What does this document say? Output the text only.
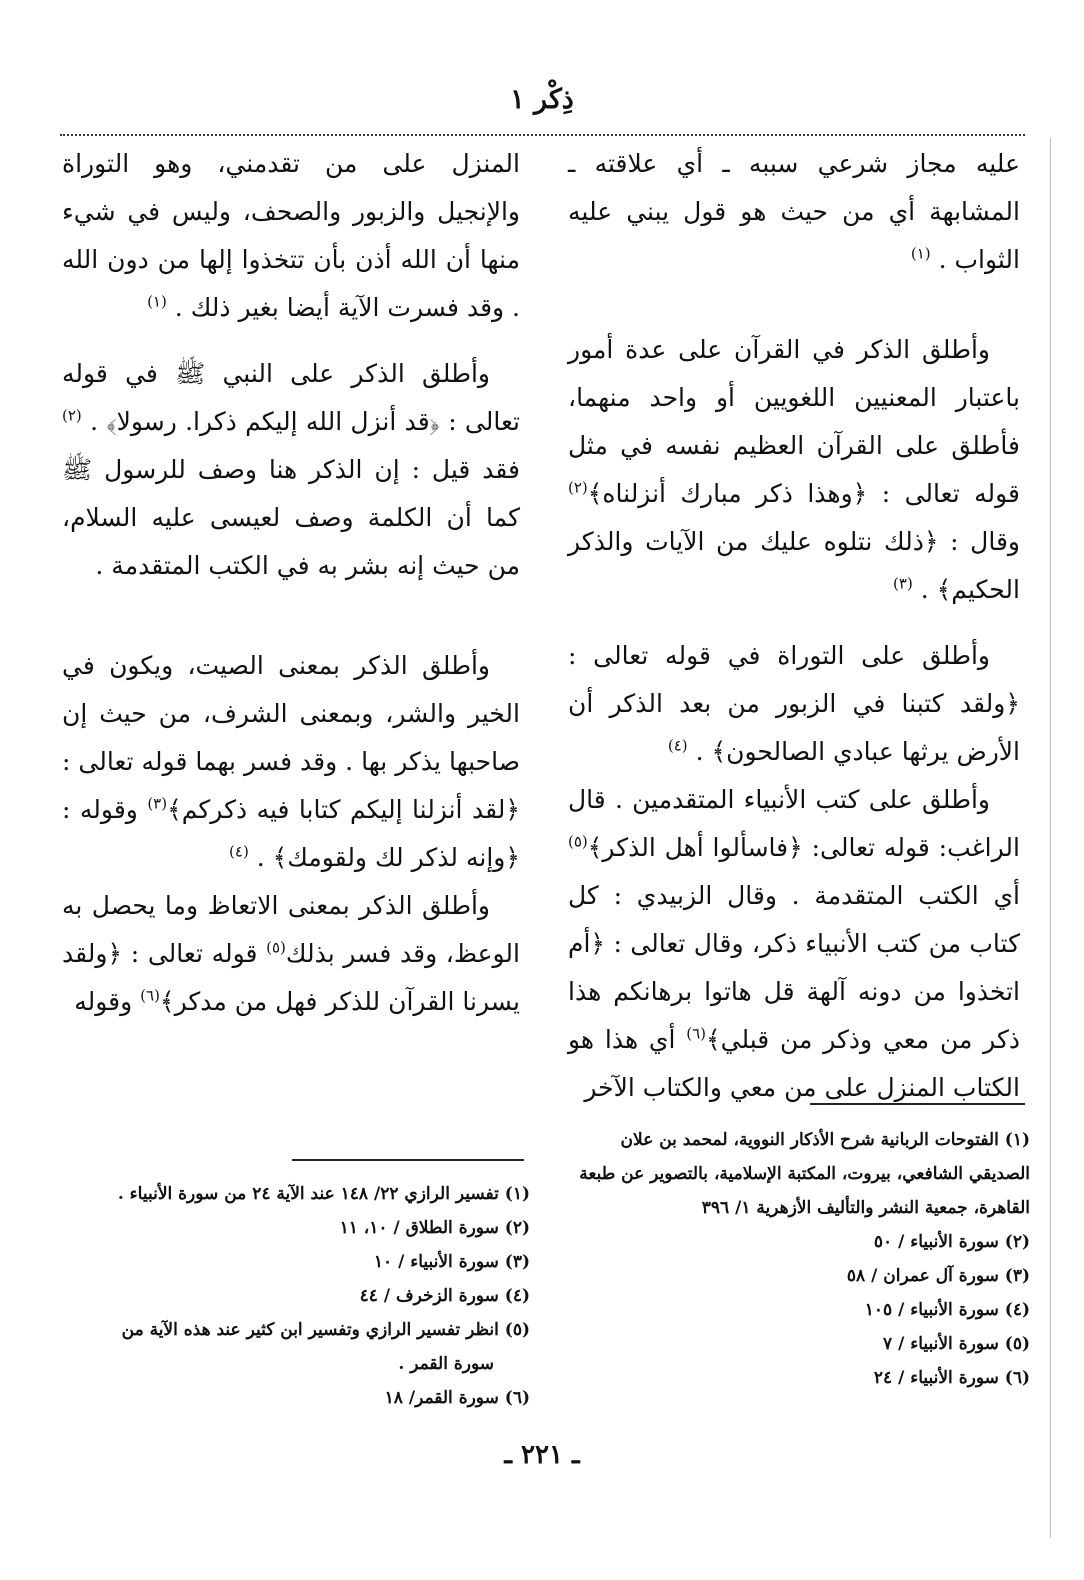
ذِكْر ١

عليه مجاز شرعي سببه ـ أي علاقته ـ المشابهة أي من حيث هو قول يبني عليه الثواب . $^{(١)}$

وأطلق الذكر في القرآن على عدة أمور باعتبار المعنيين اللغويين أو واحد منهما، فأطلق على القرآن العظيم نفسه في مثل قوله تعالى : ﴿وهذا ذكر مبارك أنزلناه﴾$^{(٢)}$ وقال : ﴿ذلك نتلوه عليك من الآيات والذكر الحكيم﴾ . $^{(٣)}$

وأطلق على التوراة في قوله تعالى : ﴿ولقد كتبنا في الزبور من بعد الذكر أن الأرض يرثها عبادي الصالحون﴾ . $^{(٤)}$

وأطلق على كتب الأنبياء المتقدمين . قال الراغب: قوله تعالى: ﴿فاسألوا أهل الذكر﴾$^{(٥)}$ أي الكتب المتقدمة . وقال الزبيدي : كل كتاب من كتب الأنبياء ذكر، وقال تعالى : ﴿أم اتخذوا من دونه آلهة قل هاتوا برهانكم هذا ذكر من معي وذكر من قبلي﴾$^{(٦)}$ أي هذا هو الكتاب المنزل على من معي والكتاب الآخر

المنزل على من تقدمني، وهو التوراة والإنجيل والزبور والصحف، وليس في شيء منها أن الله أذن بأن تتخذوا إلها من دون الله . وقد فسرت الآية أيضا بغير ذلك . $^{(١)}$

وأطلق الذكر على النبي ﷺ في قوله تعالى : ﴿قد أنزل الله إليكم ذكرا. رسولا﴾ . $^{(٢)}$ فقد قيل : إن الذكر هنا وصف للرسول ﷺ كما أن الكلمة وصف لعيسى عليه السلام، من حيث إنه بشر به في الكتب المتقدمة .

وأطلق الذكر بمعنى الصيت، ويكون في الخير والشر، وبمعنى الشرف، من حيث إن صاحبها يذكر بها . وقد فسر بهما قوله تعالى : ﴿لقد أنزلنا إليكم كتابا فيه ذكركم﴾$^{(٣)}$ وقوله : ﴿وإنه لذكر لك ولقومك﴾ . $^{(٤)}$

وأطلق الذكر بمعنى الاتعاظ وما يحصل به الوعظ، وقد فسر بذلك$^{(٥)}$ قوله تعالى : ﴿ولقد يسرنا القرآن للذكر فهل من مدكر﴾$^{(٦)}$ وقوله

(١) الفتوحات الربانية شرح الأذكار النووية، لمحمد بن علان الصديقي الشافعي، بيروت، المكتبة الإسلامية، بالتصوير عن طبعة القاهرة، جمعية النشر والتأليف الأزهرية ١/ ٣٩٦
(٢) سورة الأنبياء / ٥٠
(٣) سورة آل عمران / ٥٨
(٤) سورة الأنبياء / ١٠٥
(٥) سورة الأنبياء / ٧
(٦) سورة الأنبياء / ٢٤
(١) تفسير الرازي ٢٢/ ١٤٨ عند الآية ٢٤ من سورة الأنبياء .
(٢) سورة الطلاق / ١٠، ١١
(٣) سورة الأنبياء / ١٠
(٤) سورة الزخرف / ٤٤
(٥) انظر تفسير الرازي وتفسير ابن كثير عند هذه الآية من
سورة القمر .
(٦) سورة القمر/ ١٨
ـ ٢٢١ ـ
